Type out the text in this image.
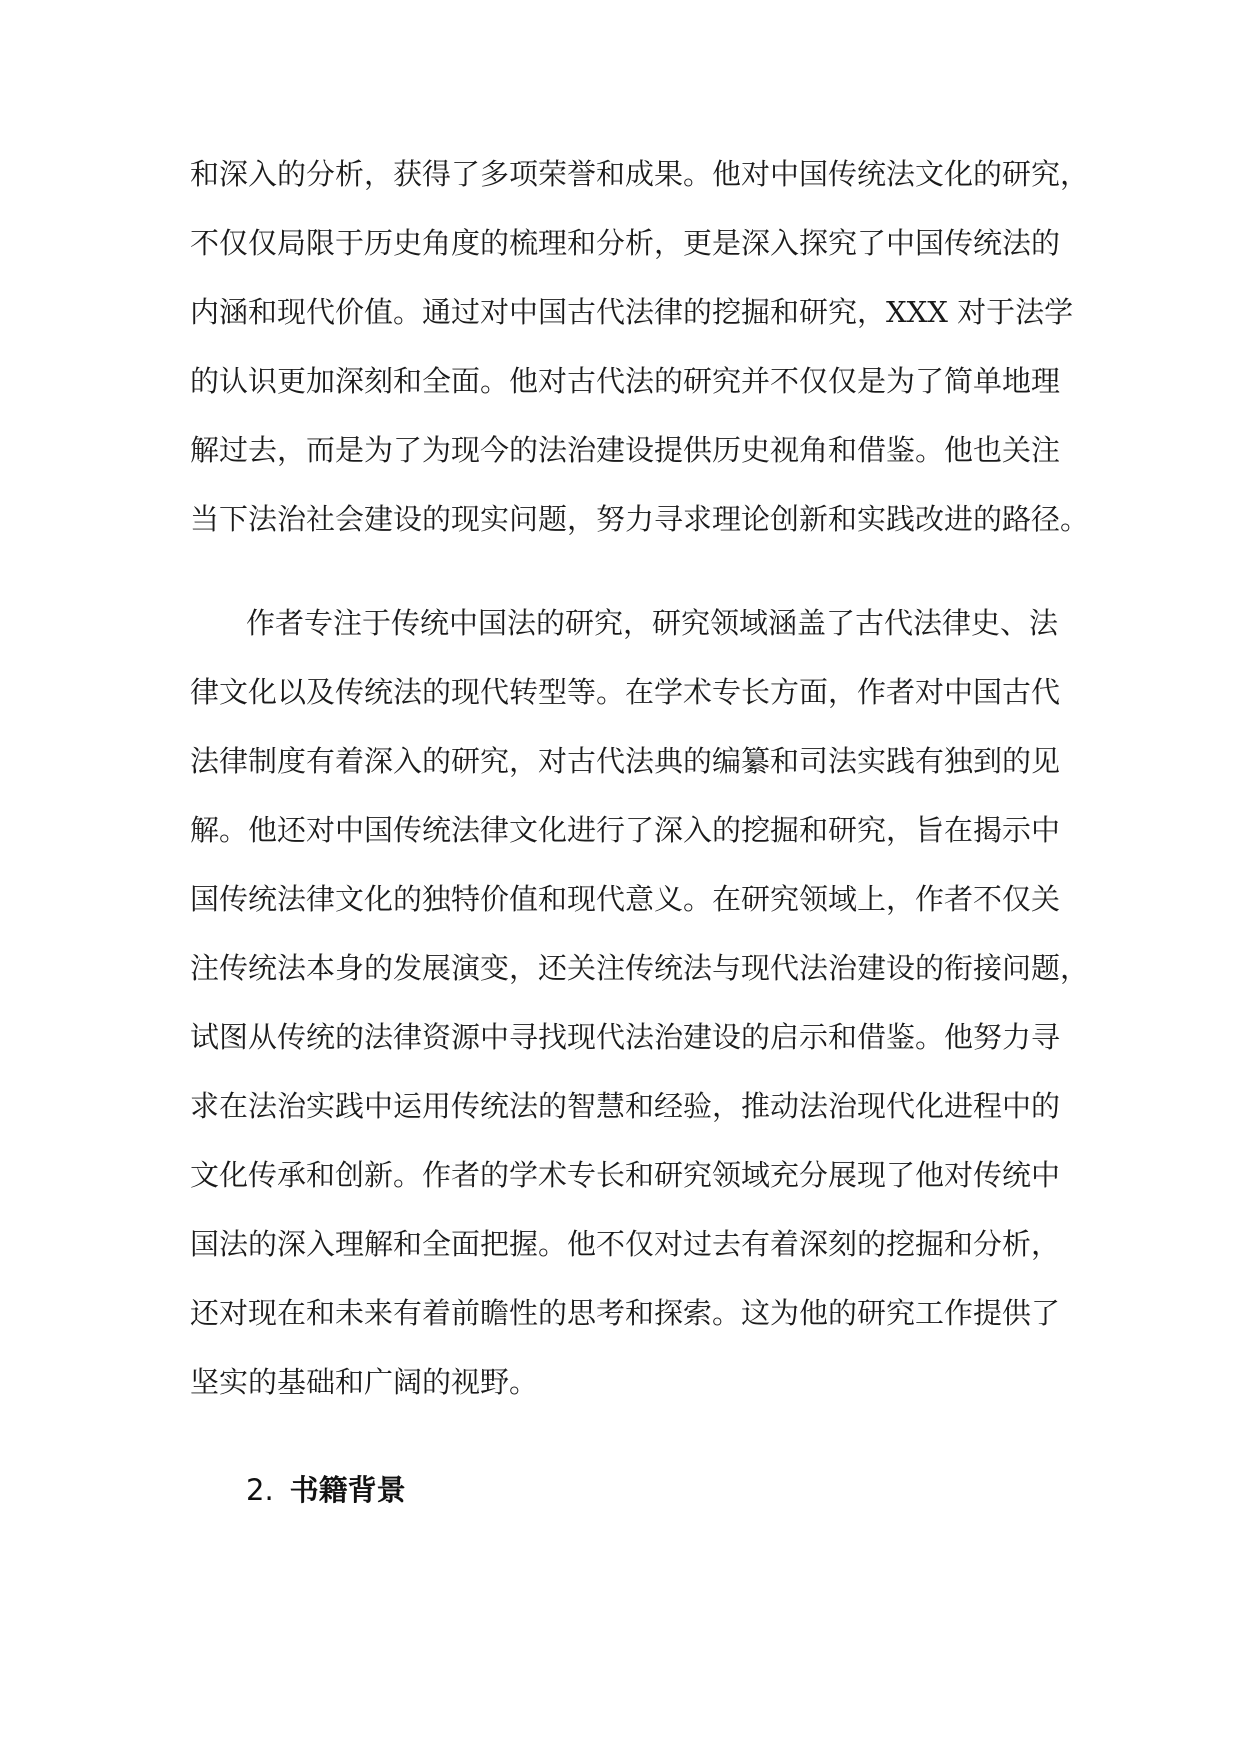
和深入的分析，获得了多项荣誉和成果。他对中国传统法文化的研究，
不仅仅局限于历史角度的梳理和分析，更是深入探究了中国传统法的
内涵和现代价值。通过对中国古代法律的挖掘和研究，XXX 对于法学
的认识更加深刻和全面。他对古代法的研究并不仅仅是为了简单地理
解过去，而是为了为现今的法治建设提供历史视角和借鉴。他也关注
当下法治社会建设的现实问题，努力寻求理论创新和实践改进的路径。
作者专注于传统中国法的研究，研究领域涵盖了古代法律史、法
律文化以及传统法的现代转型等。在学术专长方面，作者对中国古代
法律制度有着深入的研究，对古代法典的编纂和司法实践有独到的见
解。他还对中国传统法律文化进行了深入的挖掘和研究，旨在揭示中
国传统法律文化的独特价值和现代意义。在研究领域上，作者不仅关
注传统法本身的发展演变，还关注传统法与现代法治建设的衔接问题，
试图从传统的法律资源中寻找现代法治建设的启示和借鉴。他努力寻
求在法治实践中运用传统法的智慧和经验，推动法治现代化进程中的
文化传承和创新。作者的学术专长和研究领域充分展现了他对传统中
国法的深入理解和全面把握。他不仅对过去有着深刻的挖掘和分析，
还对现在和未来有着前瞻性的思考和探索。这为他的研究工作提供了
坚实的基础和广阔的视野。
2. 书籍背景
